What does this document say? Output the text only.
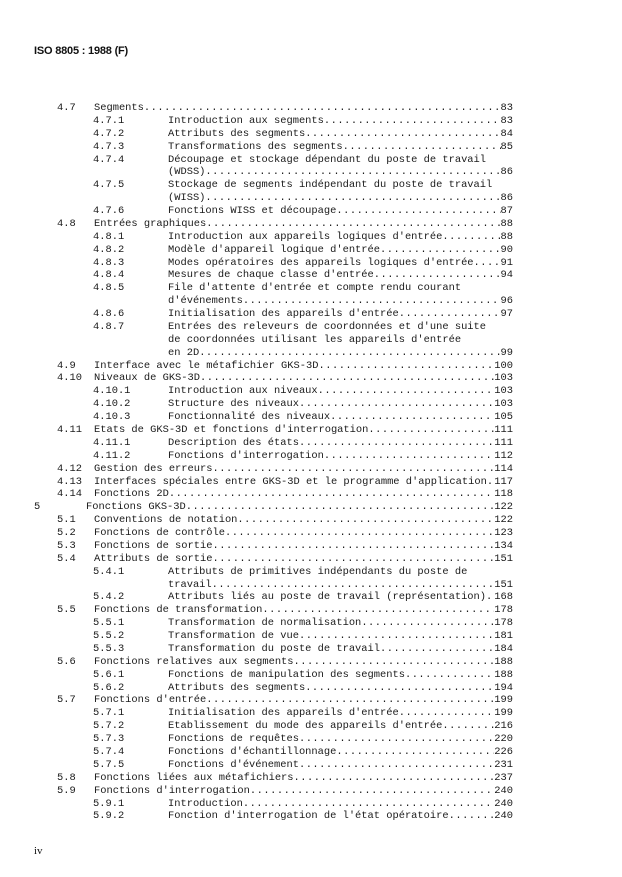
ISO 8805 : 1988 (F)
4.7 Segments .....	83
4.7.1	Introduction aux segments .....	83
4.7.2	Attributs des segments .....	84
4.7.3	Transformations des segments .....	85
4.7.4	Découpage et stockage dépendant du poste de travail
(WDSS) .....	86
4.7.5	Stockage de segments indépendant du poste de travail
(WISS) .....	86
4.7.6	Fonctions WISS et découpage .....	87
4.8 Entrées graphiques .....	88
4.8.1	Introduction aux appareils logiques d'entrée .....	88
4.8.2	Modèle d'appareil logique d'entrée .....	90
4.8.3	Modes opératoires des appareils logiques d'entrée .....	91
4.8.4	Mesures de chaque classe d'entrée .....	94
4.8.5	File d'attente d'entrée et compte rendu courant
d'événements .....	96
4.8.6	Initialisation des appareils d'entrée .....	97
4.8.7	Entrées des releveurs de coordonnées et d'une suite
de coordonnées utilisant les appareils d'entrée
en 2D .....	99
4.9 Interface avec le métafichier GKS-3D .....	100
4.10 Niveaux de GKS-3D .....	103
4.10.1	Introduction aux niveaux .....	103
4.10.2	Structure des niveaux .....	103
4.10.3	Fonctionnalité des niveaux .....	105
4.11 Etats de GKS-3D et fonctions d'interrogation .....	111
4.11.1	Description des états .....	111
4.11.2	Fonctions d'interrogation .....	112
4.12 Gestion des erreurs .....	114
4.13 Interfaces spéciales entre GKS-3D et le programme d'application ..... 117
4.14 Fonctions 2D .....	118
5	Fonctions GKS-3D .....	122
5.1 Conventions de notation .....	122
5.2 Fonctions de contrôle .....	123
5.3 Fonctions de sortie .....	134
5.4 Attributs de sortie .....	151
5.4.1	Attributs de primitives indépendants du poste de
travail .....	151
5.4.2	Attributs liés au poste de travail (représentation) ..... 168
5.5 Fonctions de transformation .....	178
5.5.1	Transformation de normalisation .....	178
5.5.2	Transformation de vue .....	181
5.5.3	Transformation du poste de travail .....	184
5.6 Fonctions relatives aux segments .....	188
5.6.1	Fonctions de manipulation des segments .....	188
5.6.2	Attributs des segments .....	194
5.7 Fonctions d'entrée .....	199
5.7.1	Initialisation des appareils d'entrée .....	199
5.7.2	Etablissement du mode des appareils d'entrée .....	216
5.7.3	Fonctions de requêtes .....	220
5.7.4	Fonctions d'échantillonnage .....	226
5.7.5	Fonctions d'événement .....	231
5.8 Fonctions liées aux métafichiers .....	237
5.9 Fonctions d'interrogation .....	240
5.9.1	Introduction .....	240
5.9.2	Fonction d'interrogation de l'état opératoire .....	240
iv
